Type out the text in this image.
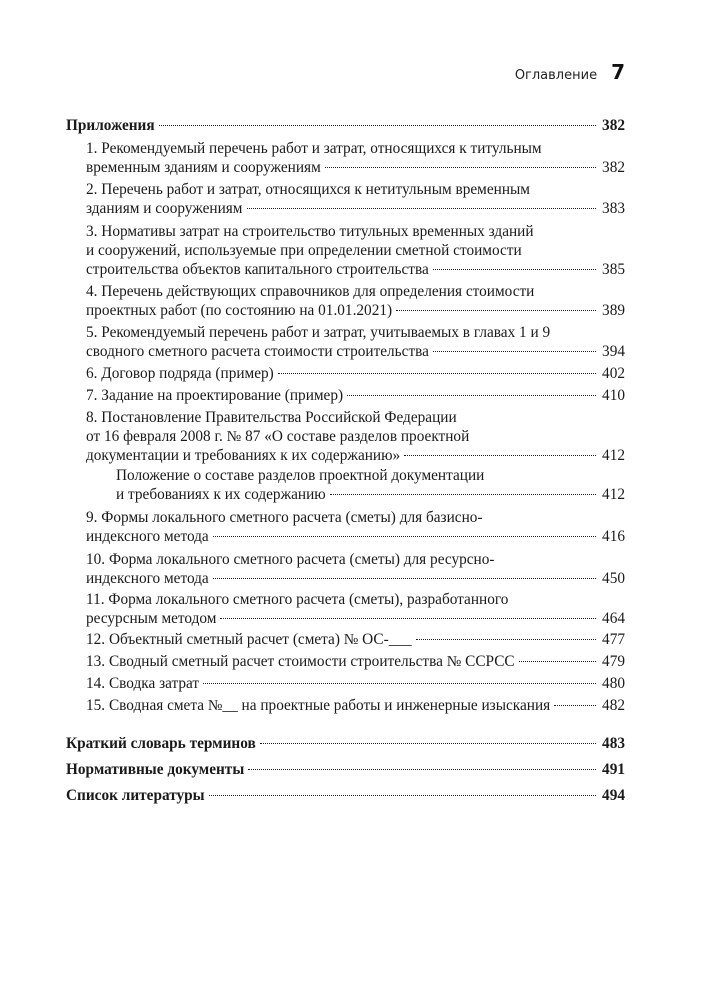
Оглавление 7
Приложения	382
1. Рекомендуемый перечень работ и затрат, относящихся к титульным
временным зданиям и сооружениям	382
2. Перечень работ и затрат, относящихся к нетитульным временным
зданиям и сооружениям	383
3. Нормативы затрат на строительство титульных временных зданий
и сооружений, используемые при определении сметной стоимости
строительства объектов капитального строительства	385
4. Перечень действующих справочников для определения стоимости
проектных работ (по состоянию на 01.01.2021)	389
5. Рекомендуемый перечень работ и затрат, учитываемых в главах 1 и 9
сводного сметного расчета стоимости строительства	394
6. Договор подряда (пример)	402
7. Задание на проектирование (пример)	410
8. Постановление Правительства Российской Федерации
от 16 февраля 2008 г. № 87 «О составе разделов проектной
документации и требованиях к их содержанию»	412
Положение о составе разделов проектной документации
и требованиях к их содержанию	412
9. Формы локального сметного расчета (сметы) для базисно-
индексного метода	416
10. Форма локального сметного расчета (сметы) для ресурсно-
индексного метода	450
11. Форма локального сметного расчета (сметы), разработанного
ресурсным методом	464
12. Объектный сметный расчет (смета) № ОС-___	477
13. Сводный сметный расчет стоимости строительства № ССРСС	479
14. Сводка затрат	480
15. Сводная смета №__ на проектные работы и инженерные изыскания	482
Краткий словарь терминов	483
Нормативные документы	491
Список литературы	494
